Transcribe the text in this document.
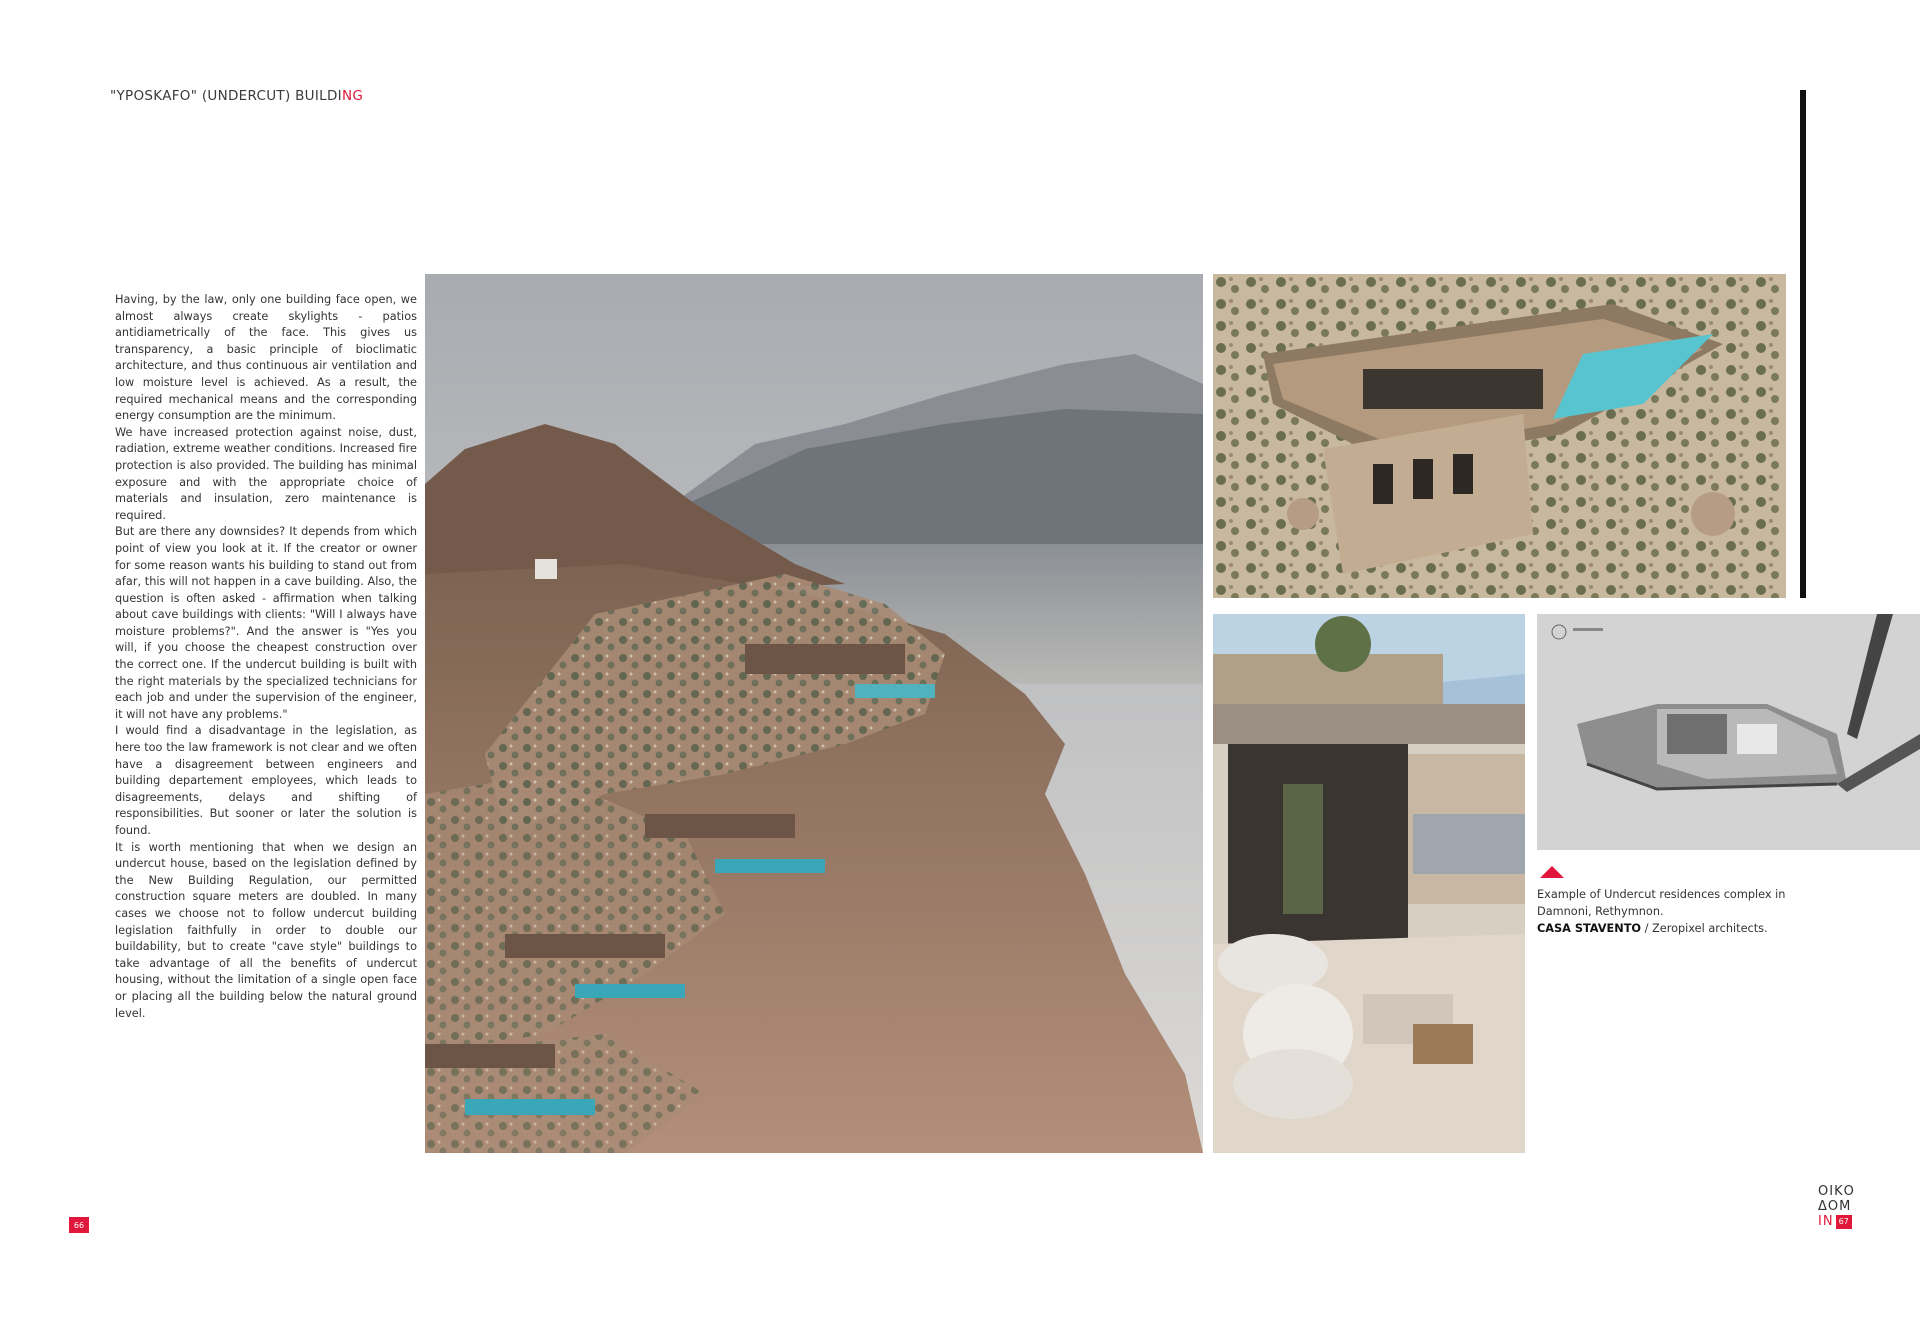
"YPOSKAFO" (UNDERCUT) BUILDING
Having, by the law, only one building face open, we almost always create skylights - patios antidiametrically of the face. This gives us transparency, a basic principle of bioclimatic architecture, and thus continuous air ventilation and low moisture level is achieved. As a result, the required mechanical means and the corresponding energy consumption are the minimum.
We have increased protection against noise, dust, radiation, extreme weather conditions. Increased fire protection is also provided. The building has minimal exposure and with the appropriate choice of materials and insulation, zero maintenance is required.
But are there any downsides? It depends from which point of view you look at it. If the creator or owner for some reason wants his building to stand out from afar, this will not happen in a cave building. Also, the question is often asked - affirmation when talking about cave buildings with clients: "Will I always have moisture problems?". And the answer is "Yes you will, if you choose the cheapest construction over the correct one. If the undercut building is built with the right materials by the specialized technicians for each job and under the supervision of the engineer, it will not have any problems."
I would find a disadvantage in the legislation, as here too the law framework is not clear and we often have a disagreement between engineers and building departement employees, which leads to disagreements, delays and shifting of responsibilities. But sooner or later the solution is found.
It is worth mentioning that when we design an undercut house, based on the legislation defined by the New Building Regulation, our permitted construction square meters are doubled. In many cases we choose not to follow undercut building legislation faithfully in order to double our buildability, but to create "cave style" buildings to take advantage of all the benefits of undercut housing, without the limitation of a single open face or placing all the building below the natural ground level.
Example of Undercut residences complex in Damnoni, Rethymnon.
CASA STAVENTO / Zeropixel architects.
66
ΟΙΚΟ
ΔΟΜ
IN 67
